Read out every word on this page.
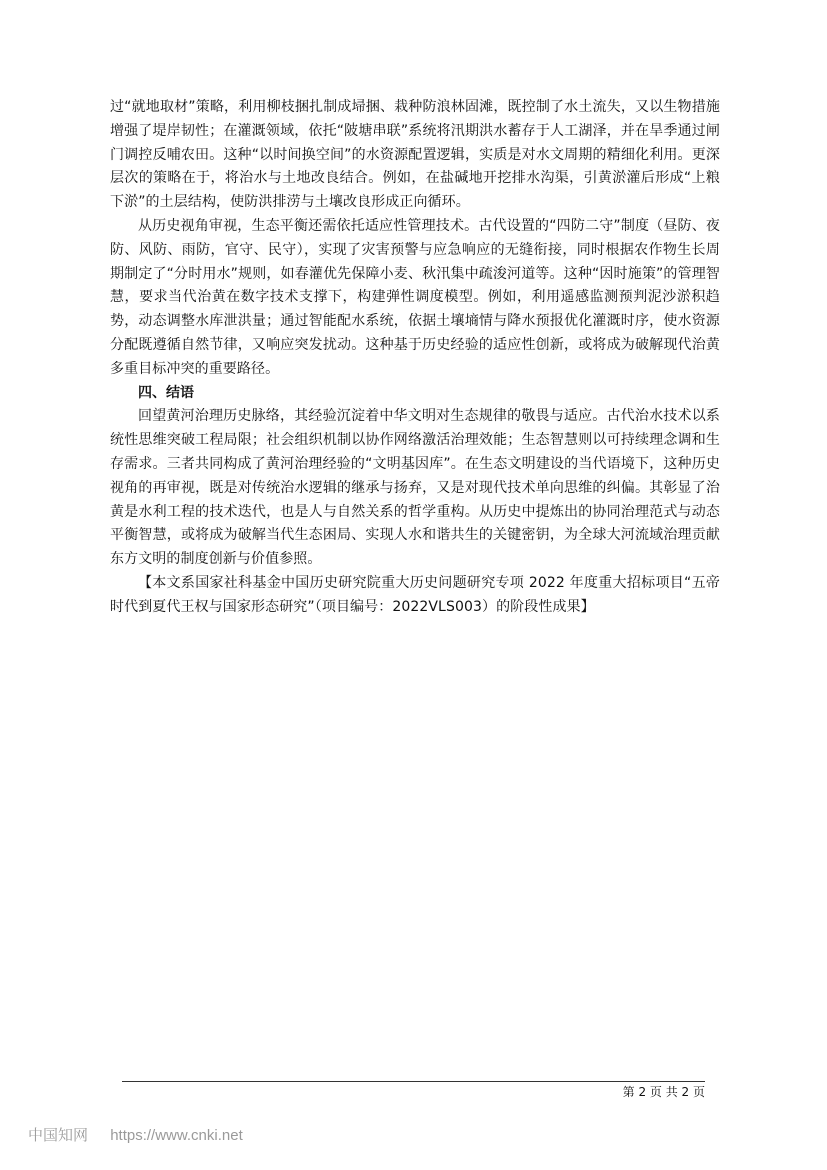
过“就地取材”策略，利用柳枝捆扎制成埽捆、栽种防浪林固滩，既控制了水土流失，又以生物措施增强了堤岸韧性；在灌溉领域，依托“陂塘串联”系统将汛期洪水蓄存于人工湖泽，并在旱季通过闸门调控反哺农田。这种“以时间换空间”的水资源配置逻辑，实质是对水文周期的精细化利用。更深层次的策略在于，将治水与土地改良结合。例如，在盐碱地开挖排水沟渠，引黄淤灌后形成“上粮下淤”的土层结构，使防洪排涝与土壤改良形成正向循环。

从历史视角审视，生态平衡还需依托适应性管理技术。古代设置的“四防二守”制度（昼防、夜防、风防、雨防，官守、民守），实现了灾害预警与应急响应的无缝衔接，同时根据农作物生长周期制定了“分时用水”规则，如春灌优先保障小麦、秋汛集中疏浚河道等。这种“因时施策”的管理智慧，要求当代治黄在数字技术支撑下，构建弹性调度模型。例如，利用遥感监测预判泥沙淤积趋势，动态调整水库泄洪量；通过智能配水系统，依据土壤墒情与降水预报优化灌溉时序，使水资源分配既遵循自然节律，又响应突发扰动。这种基于历史经验的适应性创新，或将成为破解现代治黄多重目标冲突的重要路径。

四、结语

回望黄河治理历史脉络，其经验沉淀着中华文明对生态规律的敬畏与适应。古代治水技术以系统性思维突破工程局限；社会组织机制以协作网络激活治理效能；生态智慧则以可持续理念调和生存需求。三者共同构成了黄河治理经验的“文明基因库”。在生态文明建设的当代语境下，这种历史视角的再审视，既是对传统治水逻辑的继承与扬弃，又是对现代技术单向思维的纠偏。其彰显了治黄是水利工程的技术迭代，也是人与自然关系的哲学重构。从历史中提炼出的协同治理范式与动态平衡智慧，或将成为破解当代生态困局、实现人水和谐共生的关键密钥，为全球大河流域治理贡献东方文明的制度创新与价值参照。

【本文系国家社科基金中国历史研究院重大历史问题研究专项 2022 年度重大招标项目“五帝时代到夏代王权与国家形态研究”（项目编号：2022VLS003）的阶段性成果】

第 2 页 共 2 页
中国知网 https://www.cnki.net
